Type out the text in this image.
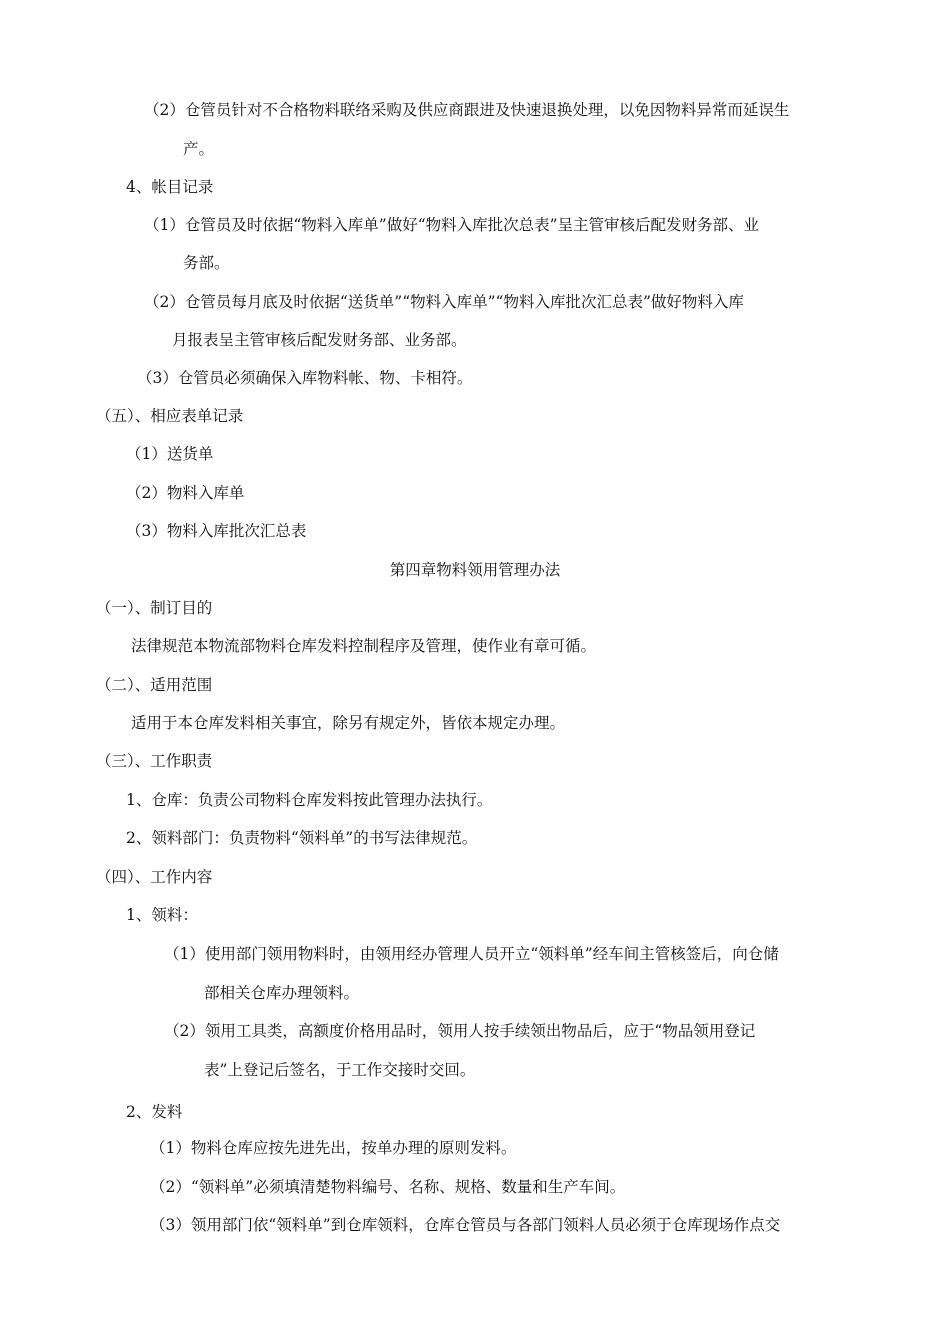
（2）仓管员针对不合格物料联络采购及供应商跟进及快速退换处理，以免因物料异常而延误生
产。
4、帐目记录
（1）仓管员及时依据“物料入库单”做好“物料入库批次总表”呈主管审核后配发财务部、业
务部。
（2）仓管员每月底及时依据“送货单”“物料入库单”“物料入库批次汇总表”做好物料入库
月报表呈主管审核后配发财务部、业务部。
（3）仓管员必须确保入库物料帐、物、卡相符。
（五）、相应表单记录
（1）送货单
（2）物料入库单
（3）物料入库批次汇总表
第四章物料领用管理办法
（一）、制订目的
法律规范本物流部物料仓库发料控制程序及管理，使作业有章可循。
（二）、适用范围
适用于本仓库发料相关事宜，除另有规定外，皆依本规定办理。
（三）、工作职责
1、仓库：负责公司物料仓库发料按此管理办法执行。
2、领料部门：负责物料“领料单”的书写法律规范。
（四）、工作内容
1、领料：
（1）使用部门领用物料时，由领用经办管理人员开立“领料单”经车间主管核签后，向仓储
部相关仓库办理领料。
（2）领用工具类，高额度价格用品时，领用人按手续领出物品后，应于“物品领用登记
表”上登记后签名，于工作交接时交回。
2、发料
（1）物料仓库应按先进先出，按单办理的原则发料。
（2）“领料单”必须填清楚物料编号、名称、规格、数量和生产车间。
（3）领用部门依“领料单”到仓库领料，仓库仓管员与各部门领料人员必须于仓库现场作点交
